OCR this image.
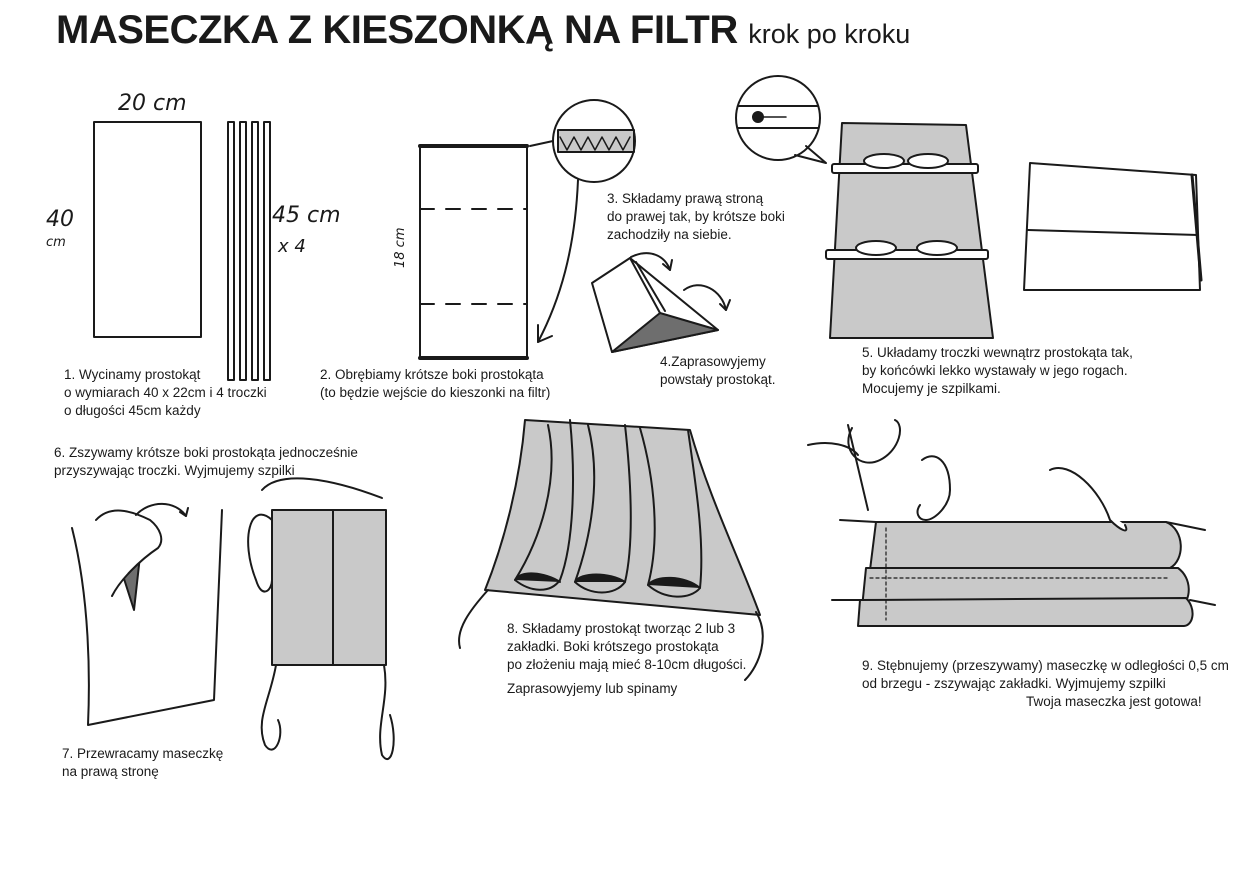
20 cm
40
cm
45 cm
x 4	18 cm
MASECZKA Z KIESZONKĄ NA FILTR krok po kroku
1. Wycinamy prostokąt
o wymiarach 40 x 22cm i 4 troczki
o długości 45cm każdy
2. Obrębiamy krótsze boki prostokąta
(to będzie wejście do kieszonki na filtr)
3. Składamy prawą stroną
do prawej tak, by krótsze boki
zachodziły na siebie.
4.Zaprasowyjemy
powstały prostokąt.
5. Układamy troczki wewnątrz prostokąta tak,
by końcówki lekko wystawały w jego rogach.
Mocujemy je szpilkami.
6. Zszywamy krótsze boki prostokąta jednocześnie
przyszywając troczki. Wyjmujemy szpilki
7. Przewracamy maseczkę
na prawą stronę
8. Składamy prostokąt tworząc 2 lub 3
zakładki. Boki krótszego prostokąta
po złożeniu mają mieć 8-10cm długości.
Zaprasowyjemy lub spinamy
9. Stębnujemy (przeszywamy) maseczkę w odległości 0,5 cm
od brzegu - zszywając zakładki. Wyjmujemy szpilki
Twoja maseczka jest gotowa!
